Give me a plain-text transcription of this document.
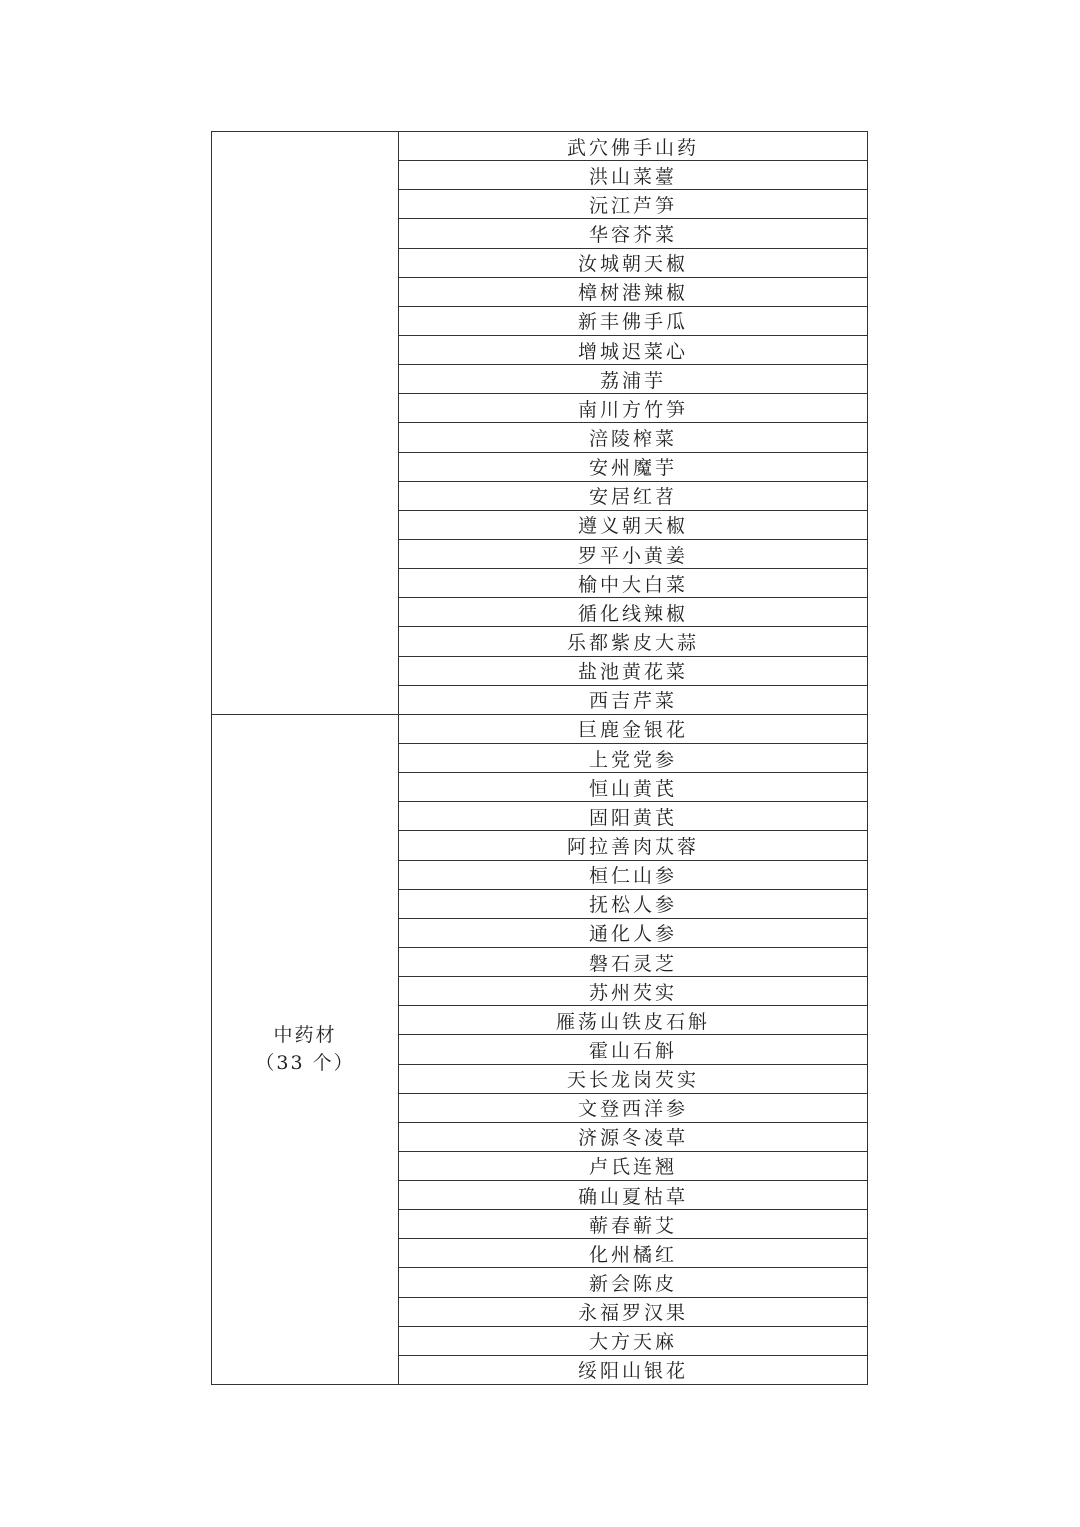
	武穴佛手山药
	洪山菜薹
	沅江芦笋
	华容芥菜
	汝城朝天椒
	樟树港辣椒
	新丰佛手瓜
	增城迟菜心
	荔浦芋
	南川方竹笋
	涪陵榨菜
	安州魔芋
	安居红苕
	遵义朝天椒
	罗平小黄姜
	榆中大白菜
	循化线辣椒
	乐都紫皮大蒜
	盐池黄花菜
	西吉芹菜

中药材
（33 个）	巨鹿金银花
	上党党参
	恒山黄芪
	固阳黄芪
	阿拉善肉苁蓉
	桓仁山参
	抚松人参
	通化人参
	磐石灵芝
	苏州芡实
	雁荡山铁皮石斛
	霍山石斛
	天长龙岗芡实
	文登西洋参
	济源冬凌草
	卢氏连翘
	确山夏枯草
	蕲春蕲艾
	化州橘红
	新会陈皮
	永福罗汉果
	大方天麻
	绥阳山银花
